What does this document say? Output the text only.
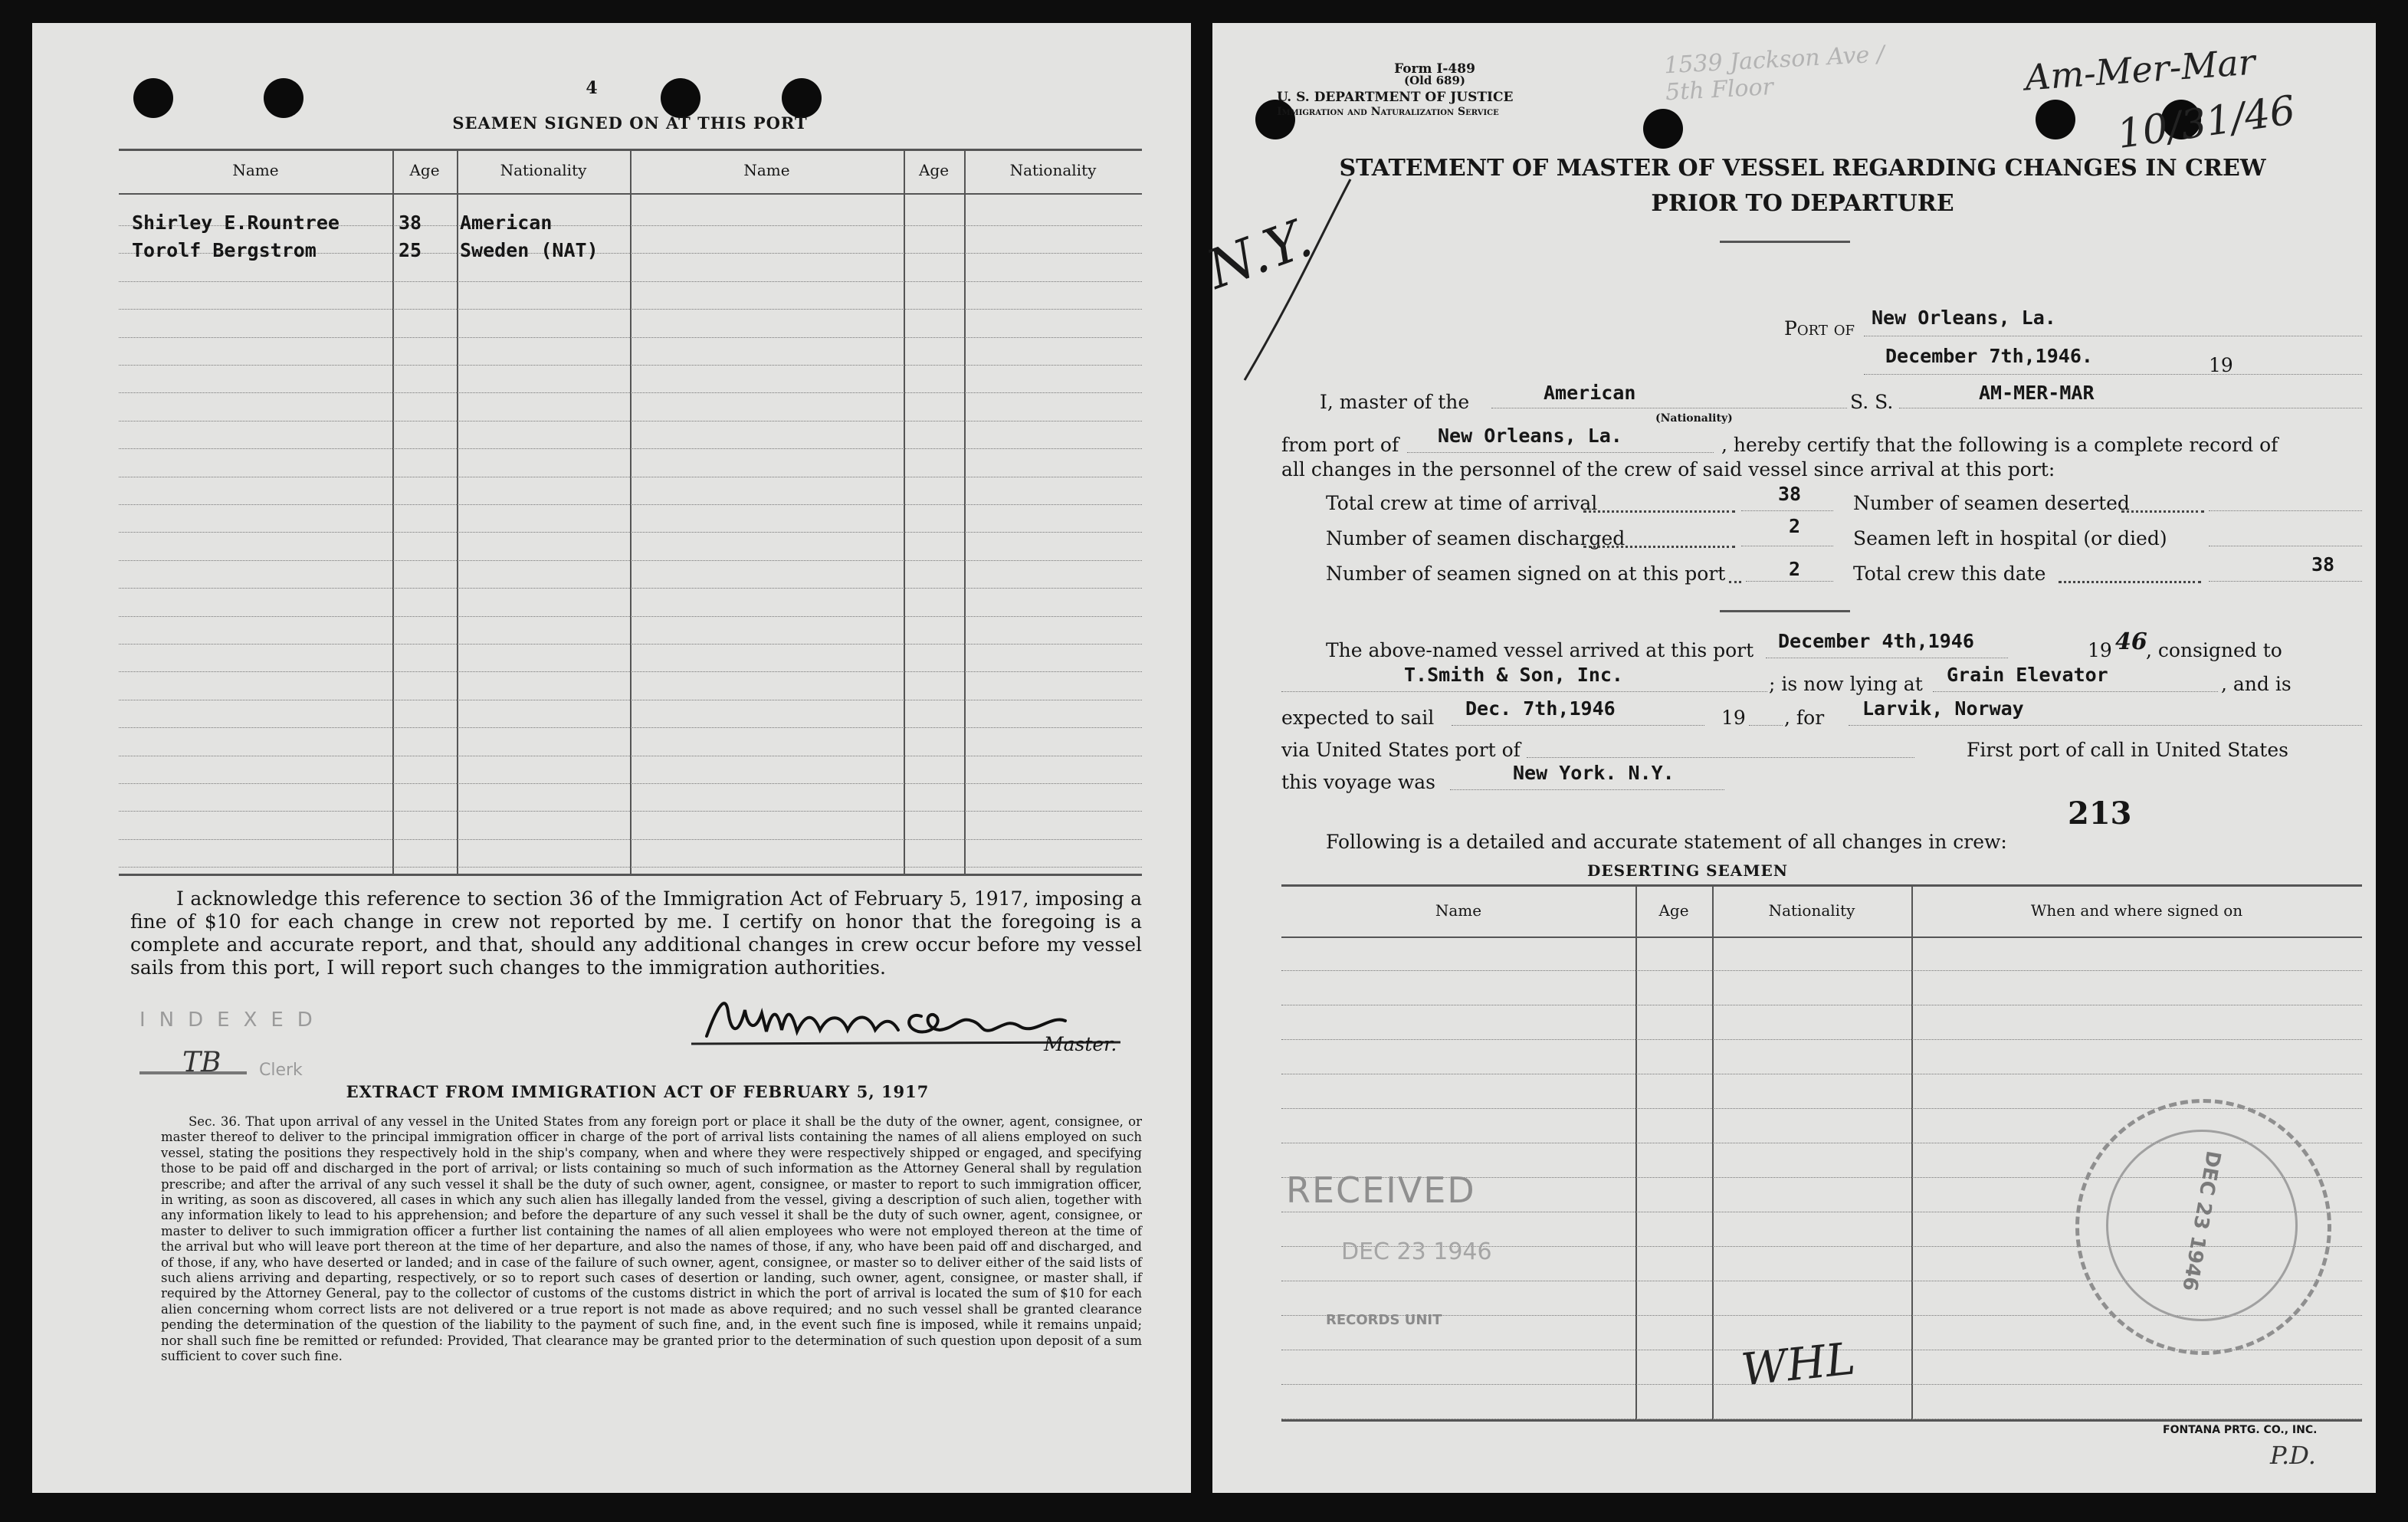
4
SEAMEN SIGNED ON AT THIS PORT
Name	Age	Nationality	Name	Age	Nationality
Shirley E.Rountree	38 American
Torolf Bergstrom	25 Sweden (NAT)
I acknowledge this reference to section 36 of the Immigration Act of February 5, 1917, imposing a fine of $10 for each change in crew not reported by me. I certify on honor that the foregoing is a complete and accurate report, and that, should any additional changes in crew occur before my vessel sails from this port, I will report such changes to the immigration authorities.
Master.
INDEXED
TB Clerk
EXTRACT FROM IMMIGRATION ACT OF FEBRUARY 5, 1917
Sec. 36. That upon arrival of any vessel in the United States from any foreign port or place it shall be the duty of the owner, agent, consignee, or master thereof to deliver to the principal immigration officer in charge of the port of arrival lists containing the names of all aliens employed on such vessel, stating the positions they respectively hold in the ship's company, when and where they were respectively shipped or engaged, and specifying those to be paid off and discharged in the port of arrival; or lists containing so much of such information as the Attorney General shall by regulation prescribe; and after the arrival of any such vessel it shall be the duty of such owner, agent, consignee, or master to report to such immigration officer, in writing, as soon as discovered, all cases in which any such alien has illegally landed from the vessel, giving a description of such alien, together with any information likely to lead to his apprehension; and before the departure of any such vessel it shall be the duty of such owner, agent, consignee, or master to deliver to such immigration officer a further list containing the names of all alien employees who were not employed thereon at the time of the arrival but who will leave port thereon at the time of her departure, and also the names of those, if any, who have been paid off and discharged, and of those, if any, who have deserted or landed; and in case of the failure of such owner, agent, consignee, or master so to deliver either of the said lists of such aliens arriving and departing, respectively, or so to report such cases of desertion or landing, such owner, agent, consignee, or master shall, if required by the Attorney General, pay to the collector of customs of the customs district in which the port of arrival is located the sum of $10 for each alien concerning whom correct lists are not delivered or a true report is not made as above required; and no such vessel shall be granted clearance pending the determination of the question of the liability to the payment of such fine, and, in the event such fine is imposed, while it remains unpaid; nor shall such fine be remitted or refunded: Provided, That clearance may be granted prior to the determination of such question upon deposit of a sum sufficient to cover such fine.
Form I-489
(Old 689)
U. S. DEPARTMENT OF JUSTICE
Immigration and Naturalization Service
1539 Jackson Ave / 5th Floor	Am-Mer-Mar
10/31/46
N.Y.
STATEMENT OF MASTER OF VESSEL REGARDING CHANGES IN CREW
PRIOR TO DEPARTURE
Port of New Orleans, La.
December 7th,1946.	19
I, master of the	American	S. S.	AM-MER-MAR
(Nationality)
from port of New Orleans, La.	, hereby certify that the following is a complete record of
all changes in the personnel of the crew of said vessel since arrival at this port:
Total crew at time of arrival	38
Number of seamen discharged
2
Number of seamen signed on at this port	2
Number of seamen deserted
Seamen left in hospital (or died)
Total crew this date	38
The above-named vessel arrived at this port December 4th,1946	19 46
, consigned to
T.Smith & Son, Inc.	; is now lying at Grain Elevator	, and is
expected to sail Dec. 7th,1946	19 , for Larvik, Norway
via United States port of	First port of call in United States
this voyage was	New York. N.Y.
213
Following is a detailed and accurate statement of all changes in crew:
DESERTING SEAMEN
Name	Age	Nationality	When and where signed on
RECEIVED
DEC 23 1946
RECORDS UNIT
DEC 23 1946
WHL
FONTANA PRTG. CO., INC.
P.D.
